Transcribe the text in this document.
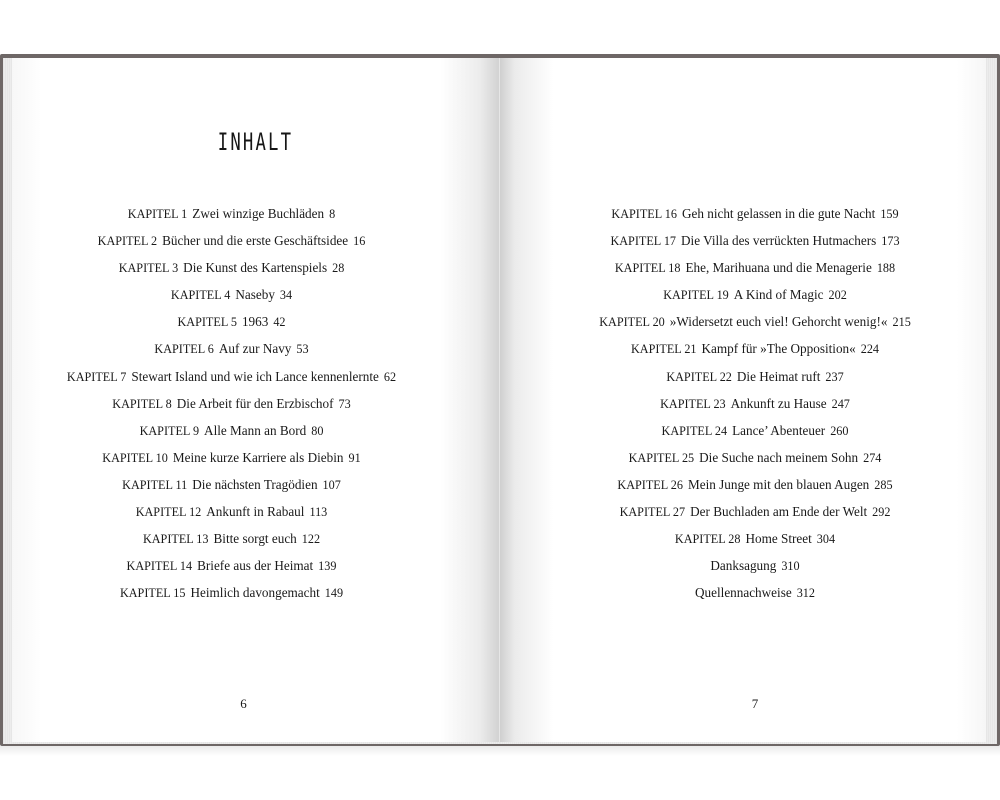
INHALT
KAPITEL 1 Zwei winzige Buchläden 8
KAPITEL 2 Bücher und die erste Geschäftsidee 16
KAPITEL 3 Die Kunst des Kartenspiels 28
KAPITEL 4 Naseby 34
KAPITEL 5 1963 42
KAPITEL 6 Auf zur Navy 53
KAPITEL 7 Stewart Island und wie ich Lance kennenlernte 62
KAPITEL 8 Die Arbeit für den Erzbischof 73
KAPITEL 9 Alle Mann an Bord 80
KAPITEL 10 Meine kurze Karriere als Diebin 91
KAPITEL 11 Die nächsten Tragödien 107
KAPITEL 12 Ankunft in Rabaul 113
KAPITEL 13 Bitte sorgt euch 122
KAPITEL 14 Briefe aus der Heimat 139
KAPITEL 15 Heimlich davongemacht 149
6
KAPITEL 16 Geh nicht gelassen in die gute Nacht 159
KAPITEL 17 Die Villa des verrückten Hutmachers 173
KAPITEL 18 Ehe, Marihuana und die Menagerie 188
KAPITEL 19 A Kind of Magic 202
KAPITEL 20 »Widersetzt euch viel! Gehorcht wenig!« 215
KAPITEL 21 Kampf für »The Opposition« 224
KAPITEL 22 Die Heimat ruft 237
KAPITEL 23 Ankunft zu Hause 247
KAPITEL 24 Lance’ Abenteuer 260
KAPITEL 25 Die Suche nach meinem Sohn 274
KAPITEL 26 Mein Junge mit den blauen Augen 285
KAPITEL 27 Der Buchladen am Ende der Welt 292
KAPITEL 28 Home Street 304
Danksagung 310
Quellennachweise 312
7
